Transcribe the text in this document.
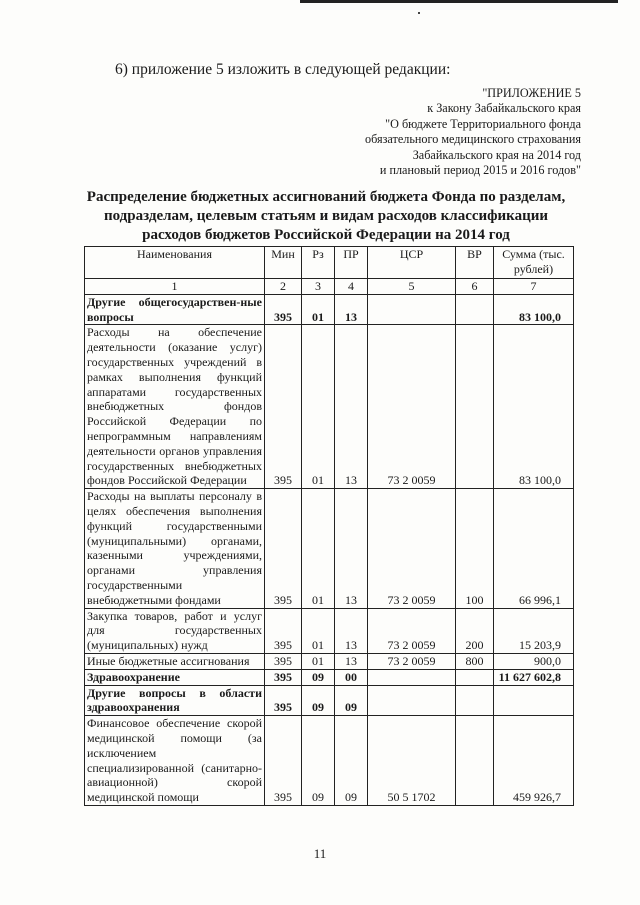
6) приложение 5 изложить в следующей редакции:
"ПРИЛОЖЕНИЕ 5
к Закону Забайкальского края
"О бюджете Территориального фонда
обязательного медицинского страхования
Забайкальского края на 2014 год
и плановый период 2015 и 2016 годов"
Распределение бюджетных ассигнований бюджета Фонда по разделам,
подразделам, целевым статьям и видам расходов классификации
расходов бюджетов Российской Федерации на 2014 год
Наименования	Мин	Рз	ПР	ЦСР	ВР	Сумма (тыс. рублей)
1	2	3	4	5	6	7
Другие общегосударствен-ные вопросы	395	01	13			83 100,0
Расходы на обеспечение деятельности (оказание услуг) государственных учреждений в рамках выполнения функций аппаратами государственных внебюджетных фондов Российской Федерации по непрограммным направлениям деятельности органов управления государственных внебюджетных фондов Российской Федерации	395	01	13	73 2 0059		83 100,0
Расходы на выплаты персоналу в целях обеспечения выполнения функций государственными (муниципальными) органами, казенными учреждениями, органами управления государственными внебюджетными фондами	395	01	13	73 2 0059	100	66 996,1
Закупка товаров, работ и услуг для государственных (муниципальных) нужд	395	01	13	73 2 0059	200	15 203,9
Иные бюджетные ассигнования	395	01	13	73 2 0059	800	900,0
Здравоохранение	395	09	00			11 627 602,8
Другие вопросы в области здравоохранения	395	09	09			
Финансовое обеспечение скорой медицинской помощи (за исключением специализированной (санитарно-авиационной) скорой медицинской помощи	395	09	09	50 5 1702		459 926,7
11
